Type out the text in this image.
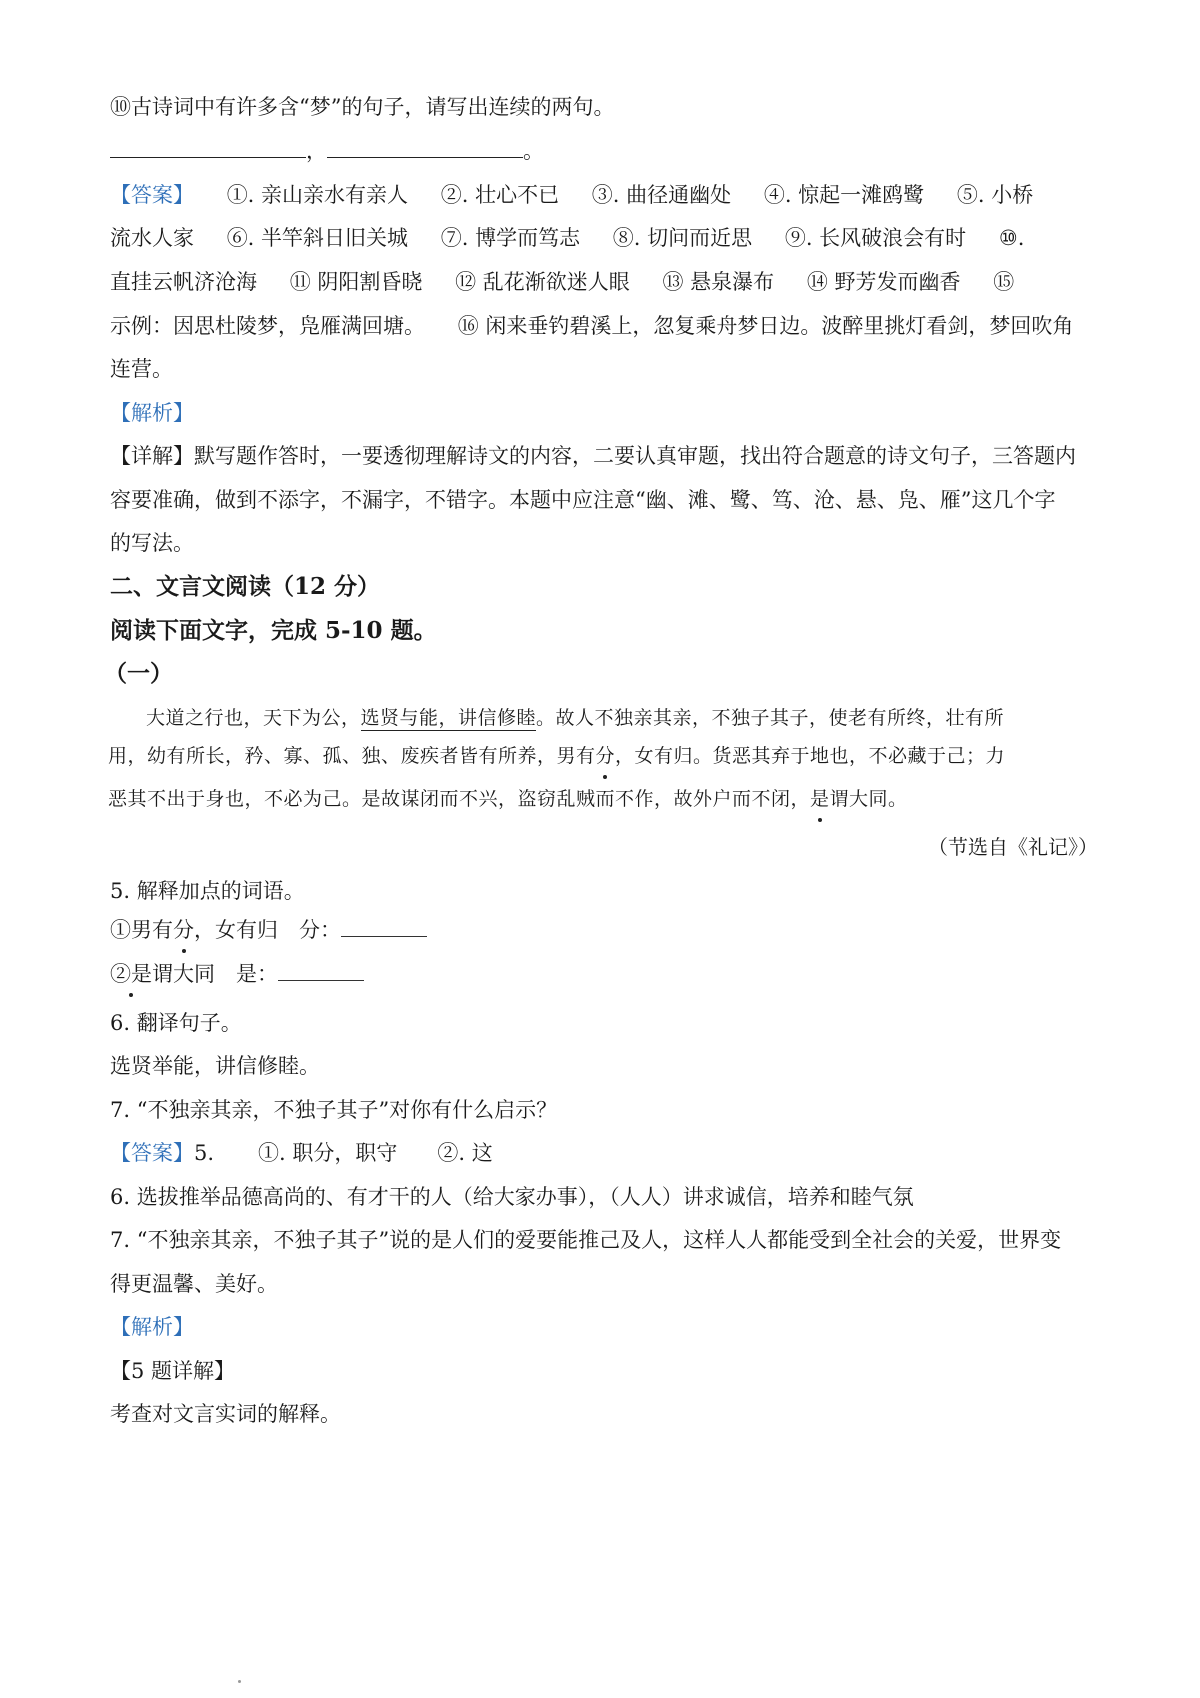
⑩古诗词中有许多含“梦”的句子，请写出连续的两句。
，	。
【答案】 ①. 亲山亲水有亲人 ②. 壮心不已 ③. 曲径通幽处 ④. 惊起一滩鸥鹭 ⑤. 小桥
流水人家 ⑥. 半竿斜日旧关城 ⑦. 博学而笃志 ⑧. 切问而近思 ⑨. 长风破浪会有时 ⑩.
直挂云帆济沧海 ⑪ 阴阳割昏晓 ⑫ 乱花渐欲迷人眼 ⑬ 悬泉瀑布 ⑭ 野芳发而幽香 ⑮
示例：因思杜陵梦，凫雁满回塘。 ⑯ 闲来垂钓碧溪上，忽复乘舟梦日边。波醉里挑灯看剑，梦回吹角
连营。
【解析】
【详解】默写题作答时，一要透彻理解诗文的内容，二要认真审题，找出符合题意的诗文句子，三答题内
容要准确，做到不添字，不漏字，不错字。本题中应注意“幽、滩、鹭、笃、沧、悬、凫、雁”这几个字
的写法。
二、文言文阅读（12 分）
阅读下面文字，完成 5-10 题。
（一）
大道之行也，天下为公，选贤与能，讲信修睦。故人不独亲其亲，不独子其子，使老有所终，壮有所
用，幼有所长，矜、寡、孤、独、废疾者皆有所养，男有分，女有归。货恶其弃于地也，不必藏于己；力
恶其不出于身也，不必为己。是故谋闭而不兴，盗窃乱贼而不作，故外户而不闭，是谓大同。
（节选自《礼记》）
5. 解释加点的词语。
①男有分，女有归　分：
②是谓大同　是：
6. 翻译句子。
选贤举能，讲信修睦。
7. “不独亲其亲，不独子其子”对你有什么启示？
【答案】5. ①. 职分，职守 ②. 这
6. 选拔推举品德高尚的、有才干的人（给大家办事），（人人）讲求诚信，培养和睦气氛
7. “不独亲其亲，不独子其子”说的是人们的爱要能推己及人，这样人人都能受到全社会的关爱，世界变
得更温馨、美好。
【解析】
【5 题详解】
考查对文言实词的解释。
